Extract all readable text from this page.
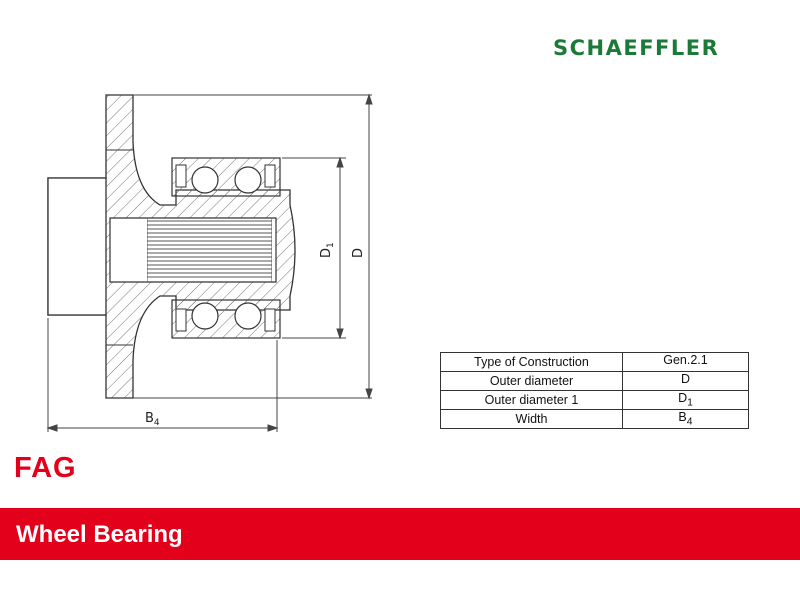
SCHAEFFLER
$D_1$
D
$B_4$
Type of Construction	Gen.2.1
Outer diameter	D
Outer diameter 1	$D_1$
Width	$B_4$
FAG
Wheel Bearing
